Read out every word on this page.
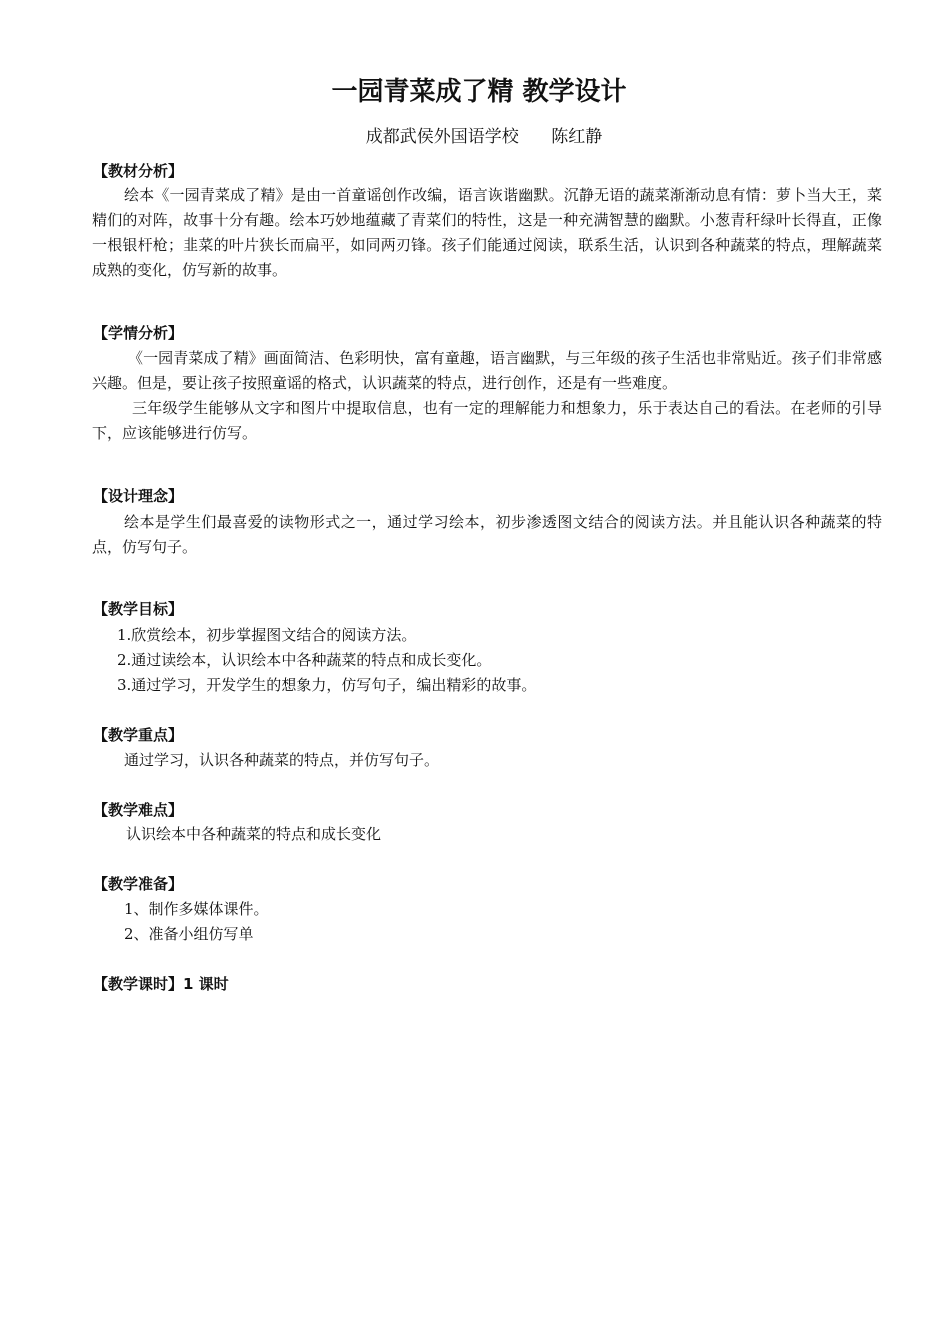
一园青菜成了精 教学设计
成都武侯外国语学校      陈红静
【教材分析】
绘本《一园青菜成了精》是由一首童谣创作改编，语言诙谐幽默。沉静无语的蔬菜渐渐动息有情：萝卜当大王，菜精们的对阵，故事十分有趣。绘本巧妙地蕴藏了青菜们的特性，这是一种充满智慧的幽默。小葱青秆绿叶长得直，正像一根银杆枪；韭菜的叶片狭长而扁平，如同两刃锋。孩子们能通过阅读，联系生活，认识到各种蔬菜的特点，理解蔬菜成熟的变化，仿写新的故事。
【学情分析】
《一园青菜成了精》画面简洁、色彩明快，富有童趣，语言幽默，与三年级的孩子生活也非常贴近。孩子们非常感兴趣。但是，要让孩子按照童谣的格式，认识蔬菜的特点，进行创作，还是有一些难度。
三年级学生能够从文字和图片中提取信息，也有一定的理解能力和想象力，乐于表达自己的看法。在老师的引导下，应该能够进行仿写。
【设计理念】
绘本是学生们最喜爱的读物形式之一，通过学习绘本，初步渗透图文结合的阅读方法。并且能认识各种蔬菜的特点，仿写句子。
【教学目标】
1.欣赏绘本，初步掌握图文结合的阅读方法。
2.通过读绘本，认识绘本中各种蔬菜的特点和成长变化。
3.通过学习，开发学生的想象力，仿写句子，编出精彩的故事。
【教学重点】
通过学习，认识各种蔬菜的特点，并仿写句子。
【教学难点】
认识绘本中各种蔬菜的特点和成长变化
【教学准备】
1、制作多媒体课件。
2、准备小组仿写单
【教学课时】1 课时
